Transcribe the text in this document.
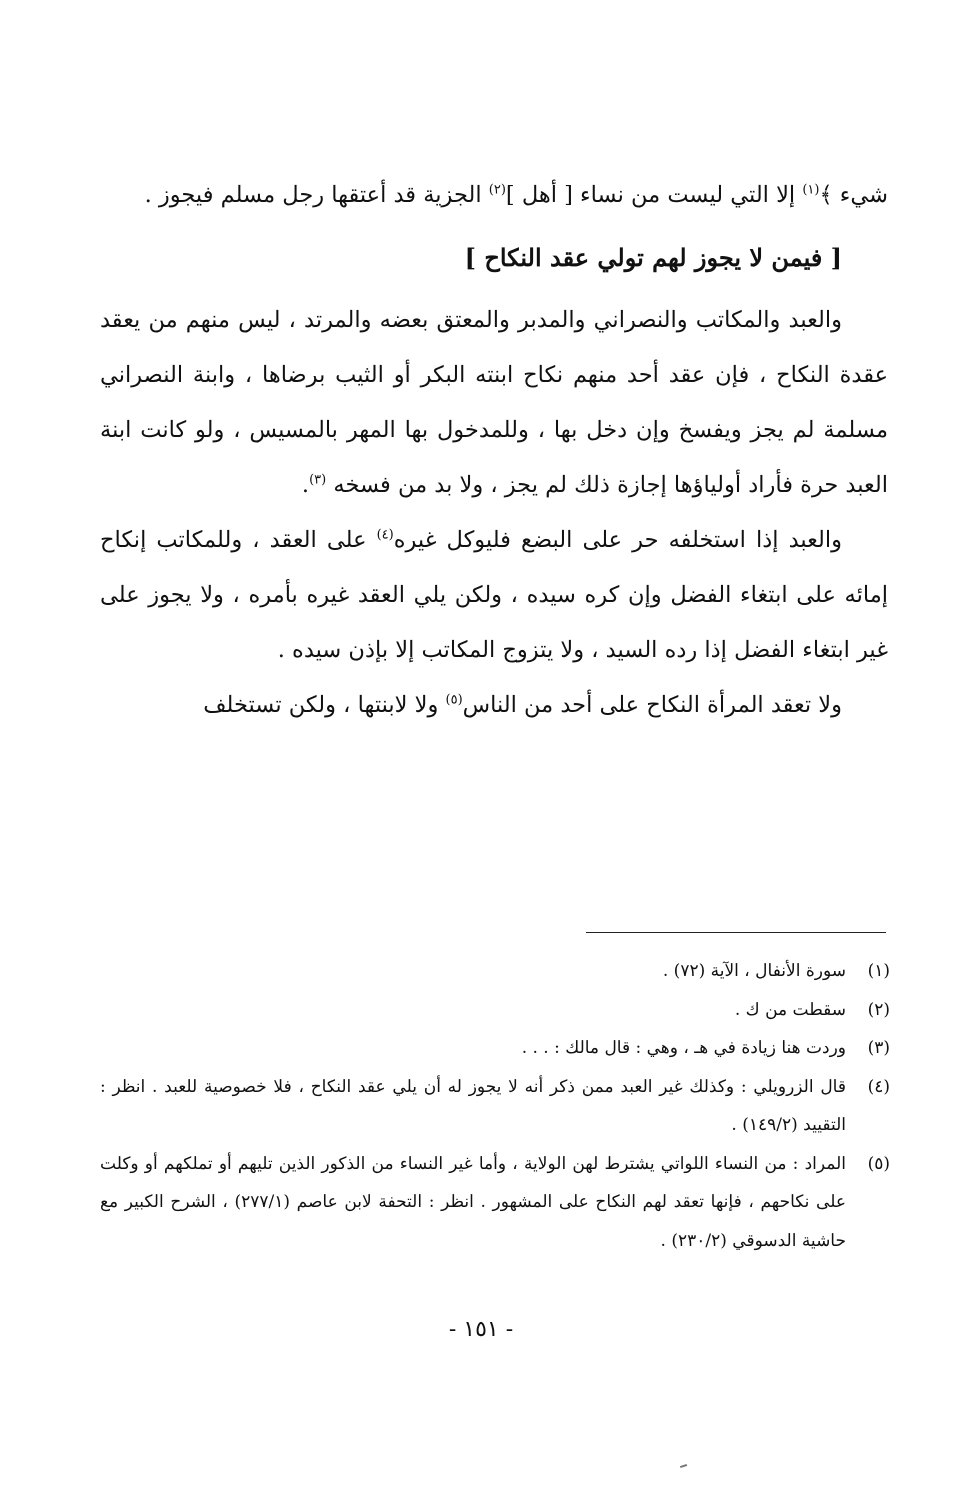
شيء ﴾$^{(١)}$ إلا التي ليست من نساء [ أهل ]$^{(٢)}$ الجزية قد أعتقها رجل مسلم فيجوز .

[ فيمن لا يجوز لهم تولي عقد النكاح ]

والعبد والمكاتب والنصراني والمدبر والمعتق بعضه والمرتد ، ليس منهم من يعقد عقدة النكاح ، فإن عقد أحد منهم نكاح ابنته البكر أو الثيب برضاها ، وابنة النصراني مسلمة لم يجز ويفسخ وإن دخل بها ، وللمدخول بها المهر بالمسيس ، ولو كانت ابنة العبد حرة فأراد أولياؤها إجازة ذلك لم يجز ، ولا بد من فسخه $^{(٣)}$.

والعبد إذا استخلفه حر على البضع فليوكل غيره$^{(٤)}$ على العقد ، وللمكاتب إنكاح إمائه على ابتغاء الفضل وإن كره سيده ، ولكن يلي العقد غيره بأمره ، ولا يجوز على غير ابتغاء الفضل إذا رده السيد ، ولا يتزوج المكاتب إلا بإذن سيده .

ولا تعقد المرأة النكاح على أحد من الناس$^{(٥)}$ ولا لابنتها ، ولكن تستخلف

(١)
سورة الأنفال ، الآية (٧٢) .
(٢)
سقطت من ك .
(٣)
وردت هنا زيادة في هـ ، وهي : قال مالك : . . .
(٤)
قال الزرويلي : وكذلك غير العبد ممن ذكر أنه لا يجوز له أن يلي عقد النكاح ، فلا خصوصية للعبد . انظر : التقييد (١٤٩/٢) .
(٥)
المراد : من النساء اللواتي يشترط لهن الولاية ، وأما غير النساء من الذكور الذين تليهم أو تملكهم أو وكلت على نكاحهم ، فإنها تعقد لهم النكاح على المشهور . انظر : التحفة لابن عاصم (٢٧٧/١) ، الشرح الكبير مع حاشية الدسوقي (٢٣٠/٢) .
- ١٥١ -
